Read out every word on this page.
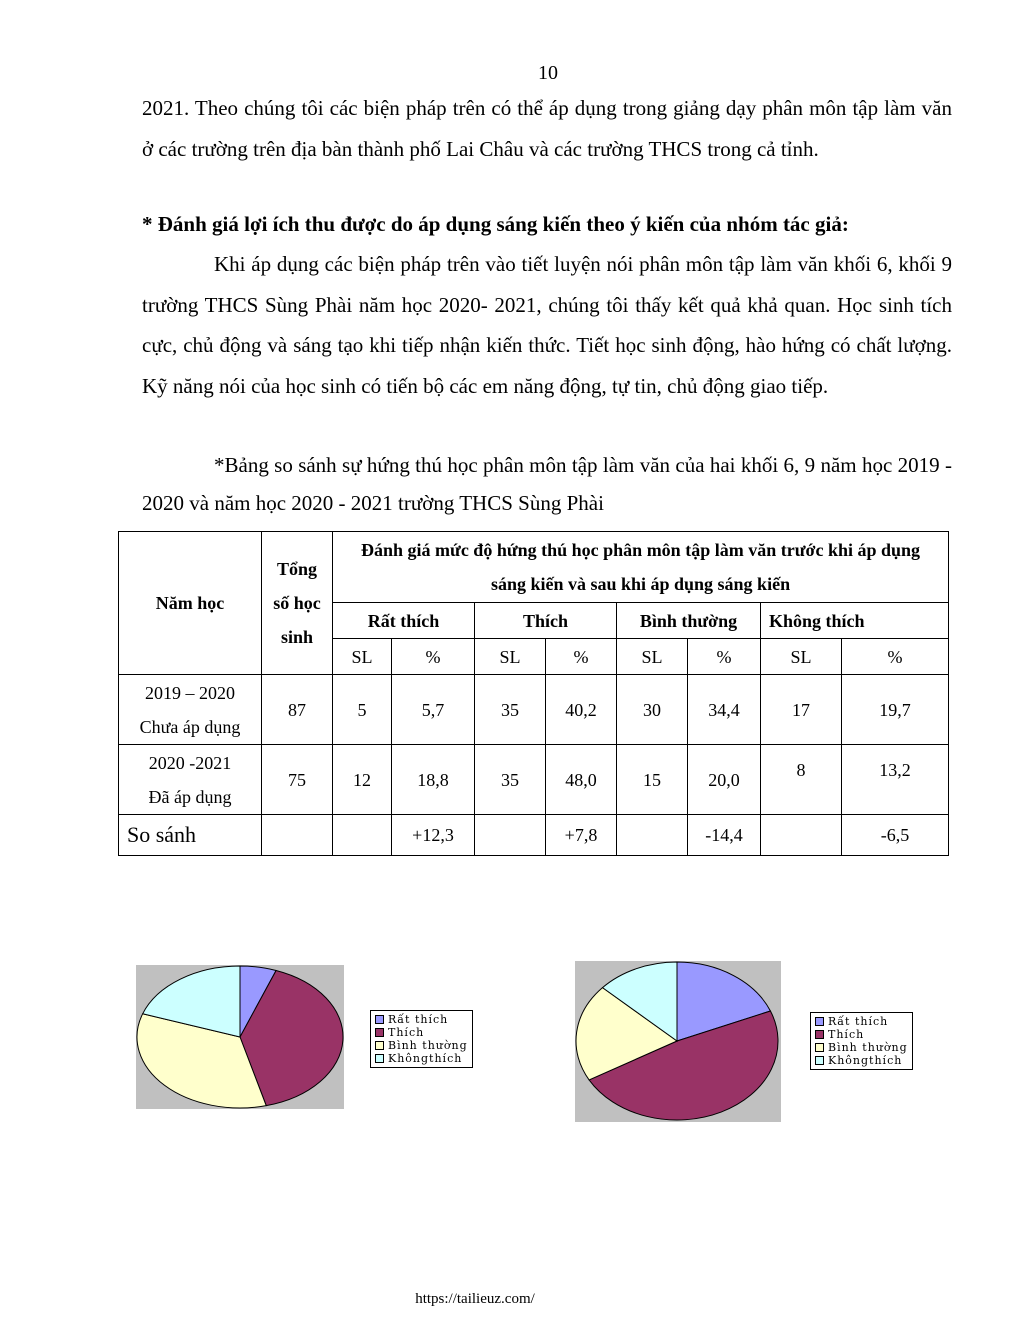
10

2021. Theo chúng tôi các biện pháp trên có thể áp dụng trong giảng dạy phân môn tập làm văn ở các trường trên địa bàn thành phố Lai Châu và các trường THCS trong cả tỉnh.

* Đánh giá lợi ích thu được do áp dụng sáng kiến theo ý kiến của nhóm tác giả:

Khi áp dụng các biện pháp trên vào tiết luyện nói phân môn tập làm văn khối 6, khối 9 trường THCS Sùng Phài năm học 2020- 2021, chúng tôi thấy kết quả khả quan. Học sinh tích cực, chủ động và sáng tạo khi tiếp nhận kiến thức. Tiết học sinh động, hào hứng có chất lượng. Kỹ năng nói của học sinh có tiến bộ các em năng động, tự tin, chủ động giao tiếp.

*Bảng so sánh sự hứng thú học phân môn tập làm văn của hai khối 6, 9 năm học 2019 - 2020 và năm học 2020 - 2021 trường THCS Sùng Phài

Năm học	Tổng
số học
sinh	Đánh giá mức độ hứng thú học phân môn tập làm văn trước khi áp dụng sáng kiến và sau khi áp dụng sáng kiến							
		Rất thích		Thích		Bình thường		Không thích	
		SL	%	SL	%	SL	%	SL	%

2019 – 2020
Chưa áp dụng	87	5	5,7	35	40,2	30	34,4	17	19,7

2020 -2021
Đã áp dụng	75	12	18,8	35	48,0	15	20,0	8	13,2
So sánh			+12,3		+7,8		-14,4		-6,5
Rất thích
Thích
Bình thường
Khôngthích
Rất thích
Thích
Bình thường
Khôngthích
https://tailieuz.com/
